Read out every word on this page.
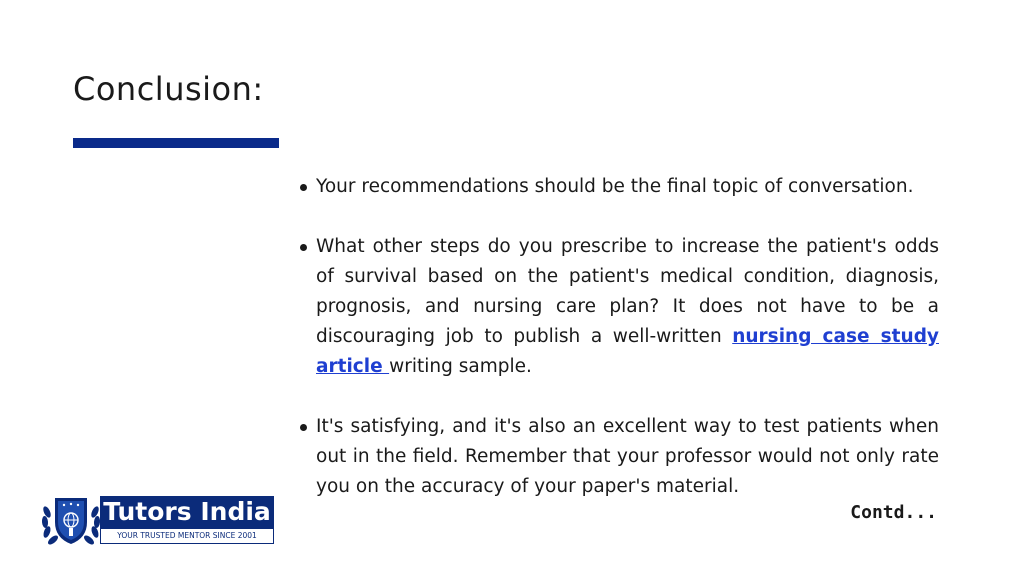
Conclusion:
Your recommendations should be the final topic of conversation.
What other steps do you prescribe to increase the patient's odds of survival based on the patient's medical condition, diagnosis, prognosis, and nursing care plan? It does not have to be a discouraging job to publish a well-written nursing case study article writing sample.
It's satisfying, and it's also an excellent way to test patients when out in the field. Remember that your professor would not only rate you on the accuracy of your paper's material.
Contd...
Tutors India
YOUR TRUSTED MENTOR SINCE 2001
